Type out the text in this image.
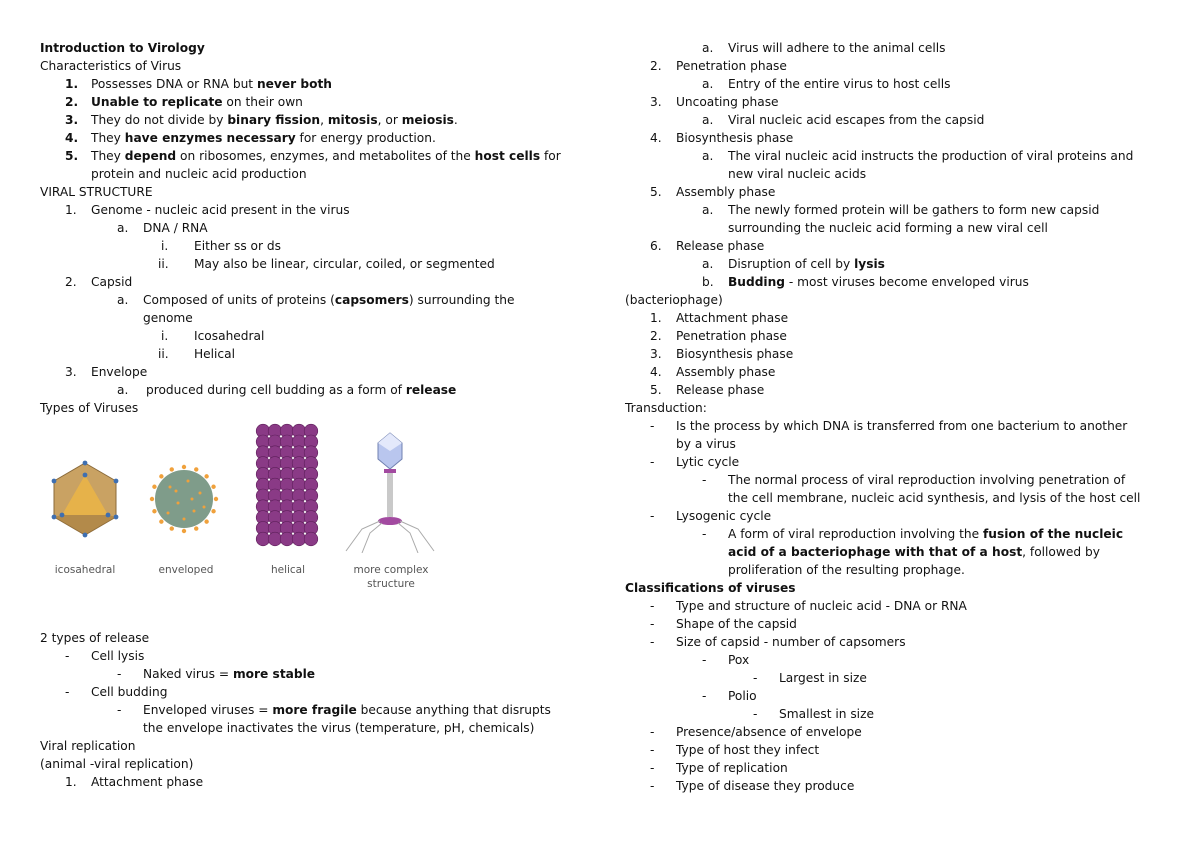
Introduction to Virology
Characteristics of Virus
1. Possesses DNA or RNA but never both
2. Unable to replicate on their own
3. They do not divide by binary fission, mitosis, or meiosis.
4. They have enzymes necessary for energy production.
5. They depend on ribosomes, enzymes, and metabolites of the host cells for
protein and nucleic acid production
VIRAL STRUCTURE
1. Genome - nucleic acid present in the virus
a. DNA / RNA
i. Either ss or ds
ii. May also be linear, circular, coiled, or segmented
2. Capsid
a. Composed of units of proteins (capsomers) surrounding the
genome
i. Icosahedral
ii. Helical
3. Envelope
a. produced during cell budding as a form of release
Types of Viruses
icosahedral	enveloped	helical	more complex
structure
2 types of release
- Cell lysis
- Naked virus = more stable
- Cell budding
- Enveloped viruses = more fragile because anything that disrupts
the envelope inactivates the virus (temperature, pH, chemicals)
Viral replication
(animal -viral replication)
1. Attachment phase
a. Virus will adhere to the animal cells
2. Penetration phase
a. Entry of the entire virus to host cells
3. Uncoating phase
a. Viral nucleic acid escapes from the capsid
4. Biosynthesis phase
a. The viral nucleic acid instructs the production of viral proteins and
new viral nucleic acids
5. Assembly phase
a. The newly formed protein will be gathers to form new capsid
surrounding the nucleic acid forming a new viral cell
6. Release phase
a. Disruption of cell by lysis
b. Budding - most viruses become enveloped virus
(bacteriophage)
1. Attachment phase
2. Penetration phase
3. Biosynthesis phase
4. Assembly phase
5. Release phase
Transduction:
- Is the process by which DNA is transferred from one bacterium to another
by a virus
- Lytic cycle
- The normal process of viral reproduction involving penetration of
the cell membrane, nucleic acid synthesis, and lysis of the host cell
- Lysogenic cycle
- A form of viral reproduction involving the fusion of the nucleic
acid of a bacteriophage with that of a host, followed by
proliferation of the resulting prophage.
Classifications of viruses
- Type and structure of nucleic acid - DNA or RNA
- Shape of the capsid
- Size of capsid - number of capsomers
- Pox
- Largest in size
- Polio
- Smallest in size
- Presence/absence of envelope
- Type of host they infect
- Type of replication
- Type of disease they produce
